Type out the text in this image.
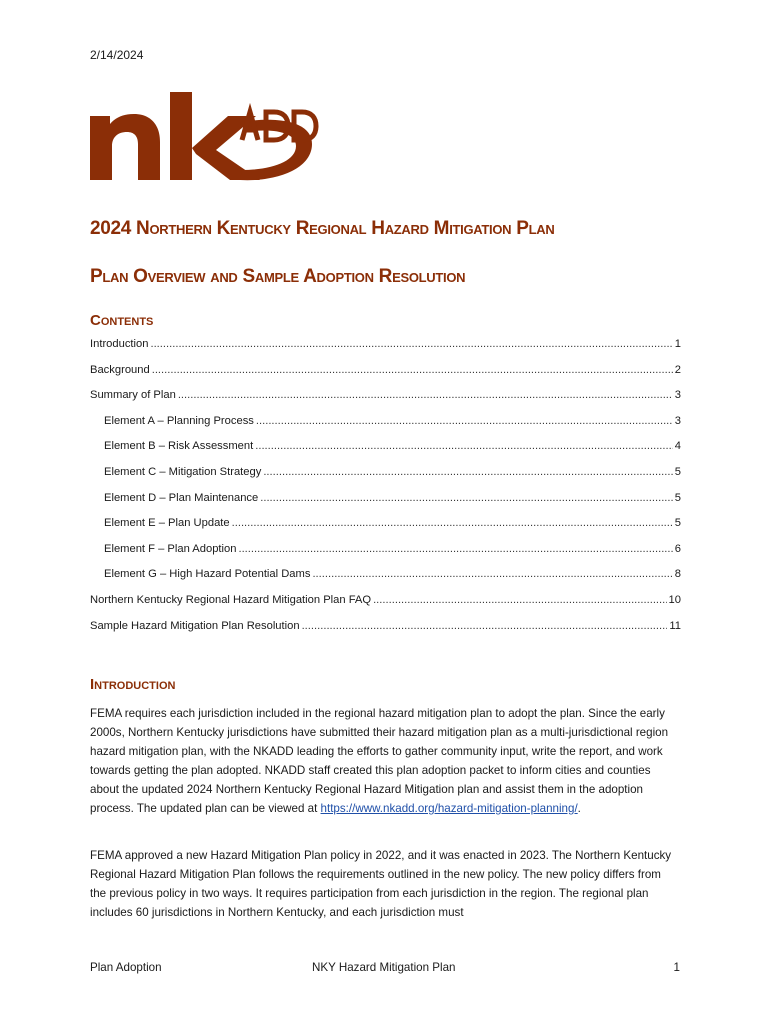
2/14/2024
2024 Northern Kentucky Regional Hazard Mitigation Plan
Plan Overview and Sample Adoption Resolution
Contents
Introduction .....	1
Background .....	2
Summary of Plan .....	3
Element A – Planning Process .....	3
Element B – Risk Assessment .....	4
Element C – Mitigation Strategy .....	5
Element D – Plan Maintenance .....	5
Element E – Plan Update .....	5
Element F – Plan Adoption .....	6
Element G – High Hazard Potential Dams .....	8
Northern Kentucky Regional Hazard Mitigation Plan FAQ .....	10
Sample Hazard Mitigation Plan Resolution .....	11
Introduction

FEMA requires each jurisdiction included in the regional hazard mitigation plan to adopt the plan. Since the early 2000s, Northern Kentucky jurisdictions have submitted their hazard mitigation plan as a multi-jurisdictional region hazard mitigation plan, with the NKADD leading the efforts to gather community input, write the report, and work towards getting the plan adopted. NKADD staff created this plan adoption packet to inform cities and counties about the updated 2024 Northern Kentucky Regional Hazard Mitigation plan and assist them in the adoption process. The updated plan can be viewed at https://www.nkadd.org/hazard-mitigation-planning/.

FEMA approved a new Hazard Mitigation Plan policy in 2022, and it was enacted in 2023. The Northern Kentucky Regional Hazard Mitigation Plan follows the requirements outlined in the new policy. The new policy differs from the previous policy in two ways. It requires participation from each jurisdiction in the region. The regional plan includes 60 jurisdictions in Northern Kentucky, and each jurisdiction must

Plan Adoption	NKY Hazard Mitigation Plan	1
